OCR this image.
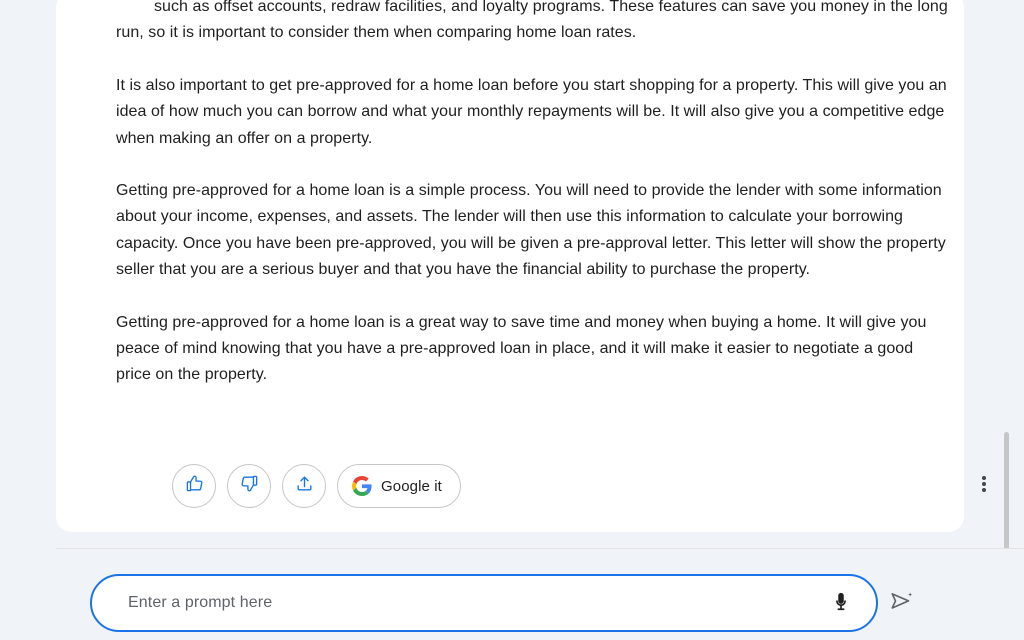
such as offset accounts, redraw facilities, and loyalty programs. These features can save you money in the long run, so it is important to consider them when comparing home loan rates.

It is also important to get pre-approved for a home loan before you start shopping for a property. This will give you an idea of how much you can borrow and what your monthly repayments will be. It will also give you a competitive edge when making an offer on a property.

Getting pre-approved for a home loan is a simple process. You will need to provide the lender with some information about your income, expenses, and assets. The lender will then use this information to calculate your borrowing capacity. Once you have been pre-approved, you will be given a pre-approval letter. This letter will show the property seller that you are a serious buyer and that you have the financial ability to purchase the property.

Getting pre-approved for a home loan is a great way to save time and money when buying a home. It will give you peace of mind knowing that you have a pre-approved loan in place, and it will make it easier to negotiate a good price on the property.

Google it
Enter a prompt here
